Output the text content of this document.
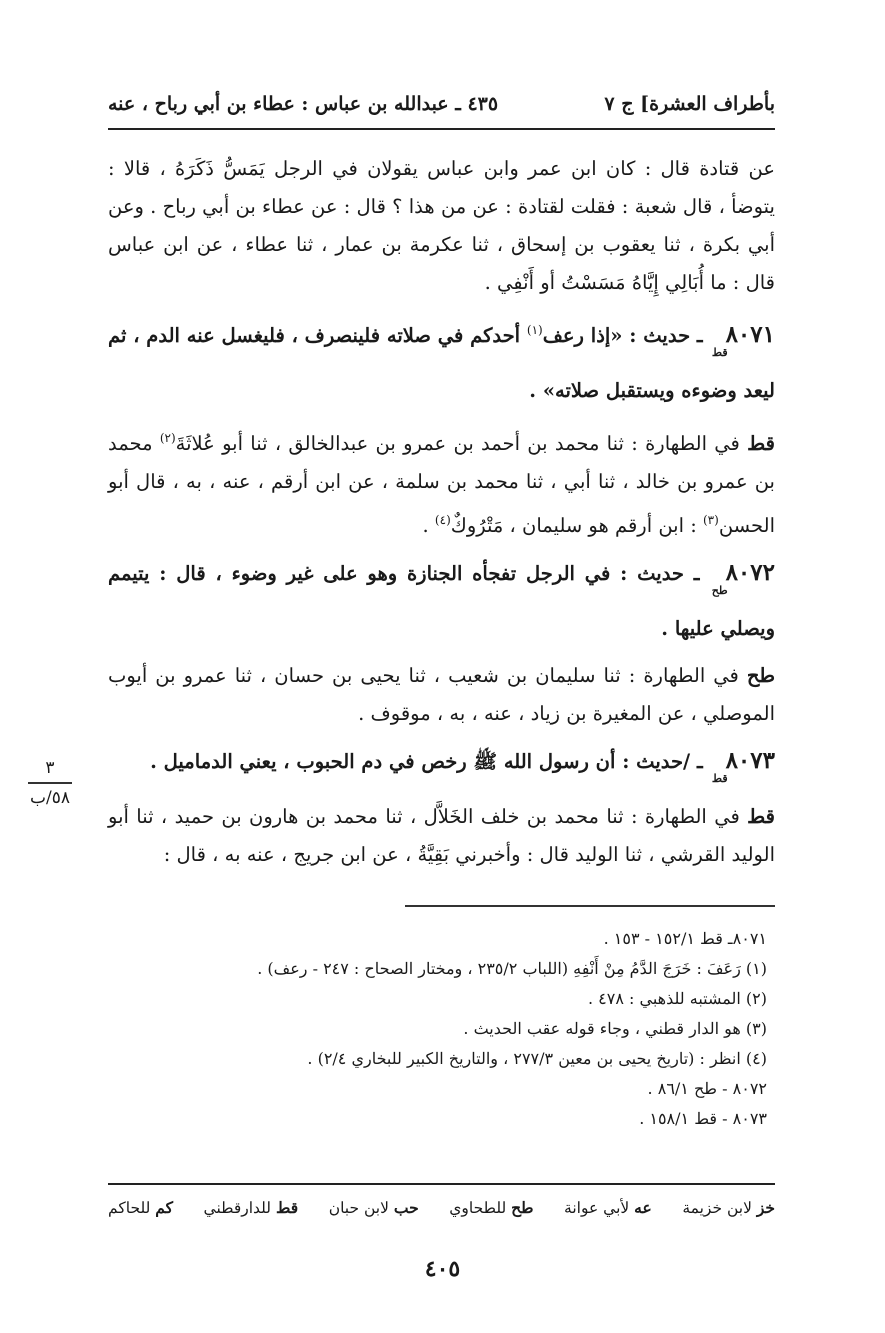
بأطراف العشرة] ج ٧
٤٣٥ ـ عبدالله بن عباس : عطاء بن أبي رباح ، عنه

عن قتادة قال : كان ابن عمر وابن عباس يقولان في الرجل يَمَسُّ ذَكَرَهُ ، قالا : يتوضأ ، قال شعبة : فقلت لقتادة : عن من هذا ؟ قال : عن عطاء بن أبي رباح . وعن أبي بكرة ، ثنا يعقوب بن إسحاق ، ثنا عكرمة بن عمار ، ثنا عطاء ، عن ابن عباس قال : ما أُبَالِي إِيَّاهُ مَسَسْتُ أو أَنْفِي .

$٨٠٧١_{قط}$ ـ حديث : «إذا رعف$^{(١)}$ أحدكم في صلاته فلينصرف ، فليغسل عنه الدم ، ثم ليعد وضوءه ويستقبل صلاته» .

قط في الطهارة : ثنا محمد بن أحمد بن عمرو بن عبدالخالق ، ثنا أبو عُلاثَةَ$^{(٢)}$ محمد بن عمرو بن خالد ، ثنا أبي ، ثنا محمد بن سلمة ، عن ابن أرقم ، عنه ، به ، قال أبو الحسن$^{(٣)}$ : ابن أرقم هو سليمان ، مَتْرُوكٌ$^{(٤)}$ .

$٨٠٧٢_{طح}$ ـ حديث : في الرجل تفجأه الجنازة وهو على غير وضوء ، قال : يتيمم ويصلي عليها .

طح في الطهارة : ثنا سليمان بن شعيب ، ثنا يحيى بن حسان ، ثنا عمرو بن أيوب الموصلي ، عن المغيرة بن زياد ، عنه ، به ، موقوف .

$٨٠٧٣_{قط}$ ـ /حديث : أن رسول الله ﷺ رخص في دم الحبوب ، يعني الدماميل .

قط في الطهارة : ثنا محمد بن خلف الخَلاَّل ، ثنا محمد بن هارون بن حميد ، ثنا أبو الوليد القرشي ، ثنا الوليد قال : وأخبرني بَقِيَّةُ ، عن ابن جريج ، عنه به ، قال :

٣
٥٨/ب

٨٠٧١ـ قط ١٥٢/١ - ١٥٣ .

(١) رَعَفَ : خَرَجَ الدَّمُ مِنْ أَنْفِهِ (اللباب ٢٣٥/٢ ، ومختار الصحاح : ٢٤٧ - رعف) .

(٢) المشتبه للذهبي : ٤٧٨ .

(٣) هو الدار قطني ، وجاء قوله عقب الحديث .

(٤) انظر : (تاريخ يحيى بن معين ٢٧٧/٣ ، والتاريخ الكبير للبخاري ٢/٤) .

٨٠٧٢ - طح ٨٦/١ .

٨٠٧٣ - قط ١٥٨/١ .

خز لابن خزيمة
عه لأبي عوانة
طح للطحاوي
حب لابن حبان
قط للدارقطني
كم للحاكم
٤٠٥
